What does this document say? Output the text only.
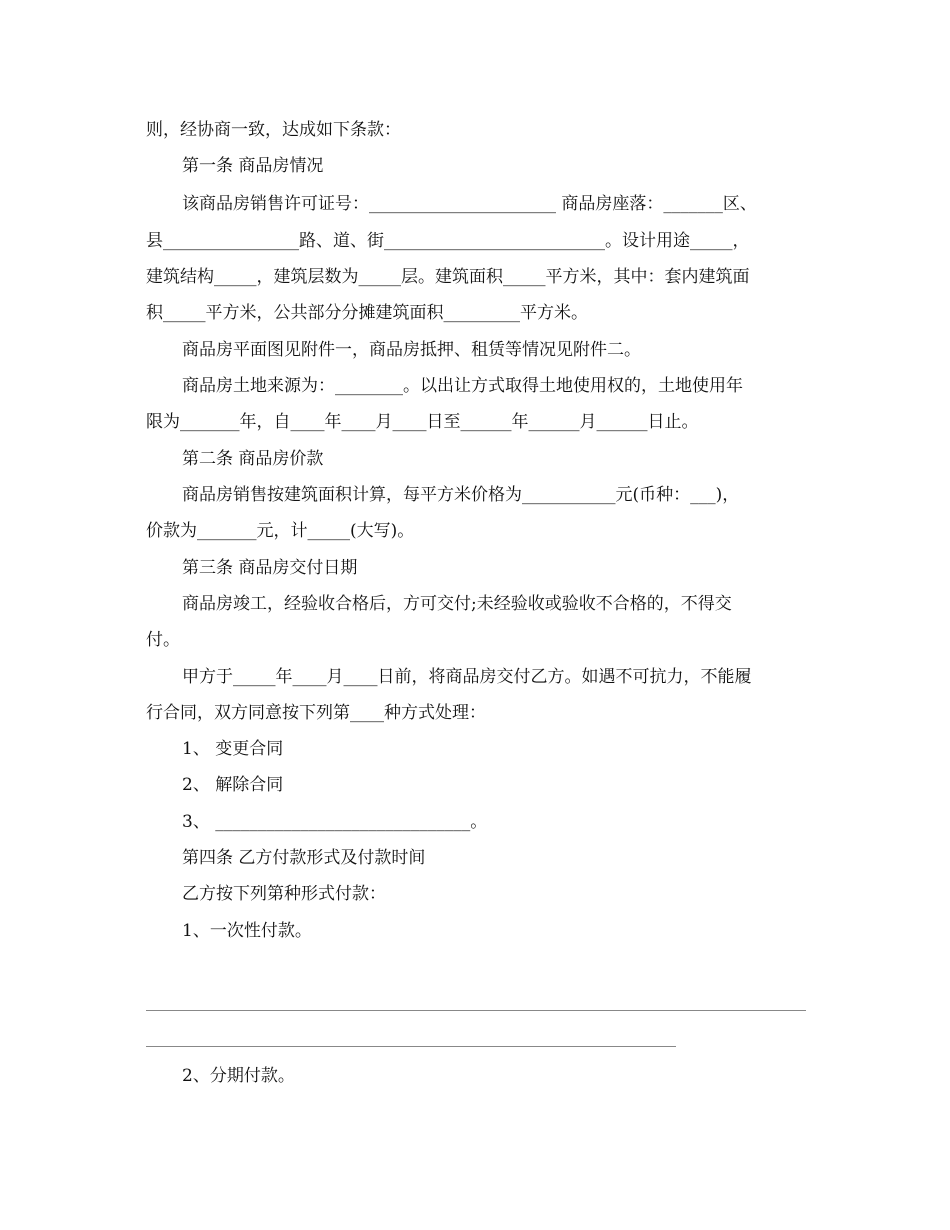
则，经协商一致，达成如下条款：
第一条 商品房情况
该商品房销售许可证号：______________________ 商品房座落：_______区、
县________________路、道、街__________________________。设计用途_____，
建筑结构_____，建筑层数为_____层。建筑面积_____平方米，其中：套内建筑面
积_____平方米，公共部分分摊建筑面积_________平方米。
商品房平面图见附件一，商品房抵押、租赁等情况见附件二。
商品房土地来源为：________。以出让方式取得土地使用权的，土地使用年
限为_______年，自____年____月____日至______年______月______日止。
第二条 商品房价款
商品房销售按建筑面积计算，每平方米价格为___________元(币种：___)，
价款为_______元，计_____(大写)。
第三条 商品房交付日期
商品房竣工，经验收合格后，方可交付;未经验收或验收不合格的，不得交
付。
甲方于_____年____月____日前，将商品房交付乙方。如遇不可抗力，不能履
行合同，双方同意按下列第____种方式处理：
1、 变更合同
2、 解除合同
3、 ______________________________。
第四条 乙方付款形式及付款时间
乙方按下列第种形式付款：
1、一次性付款。
2、分期付款。
